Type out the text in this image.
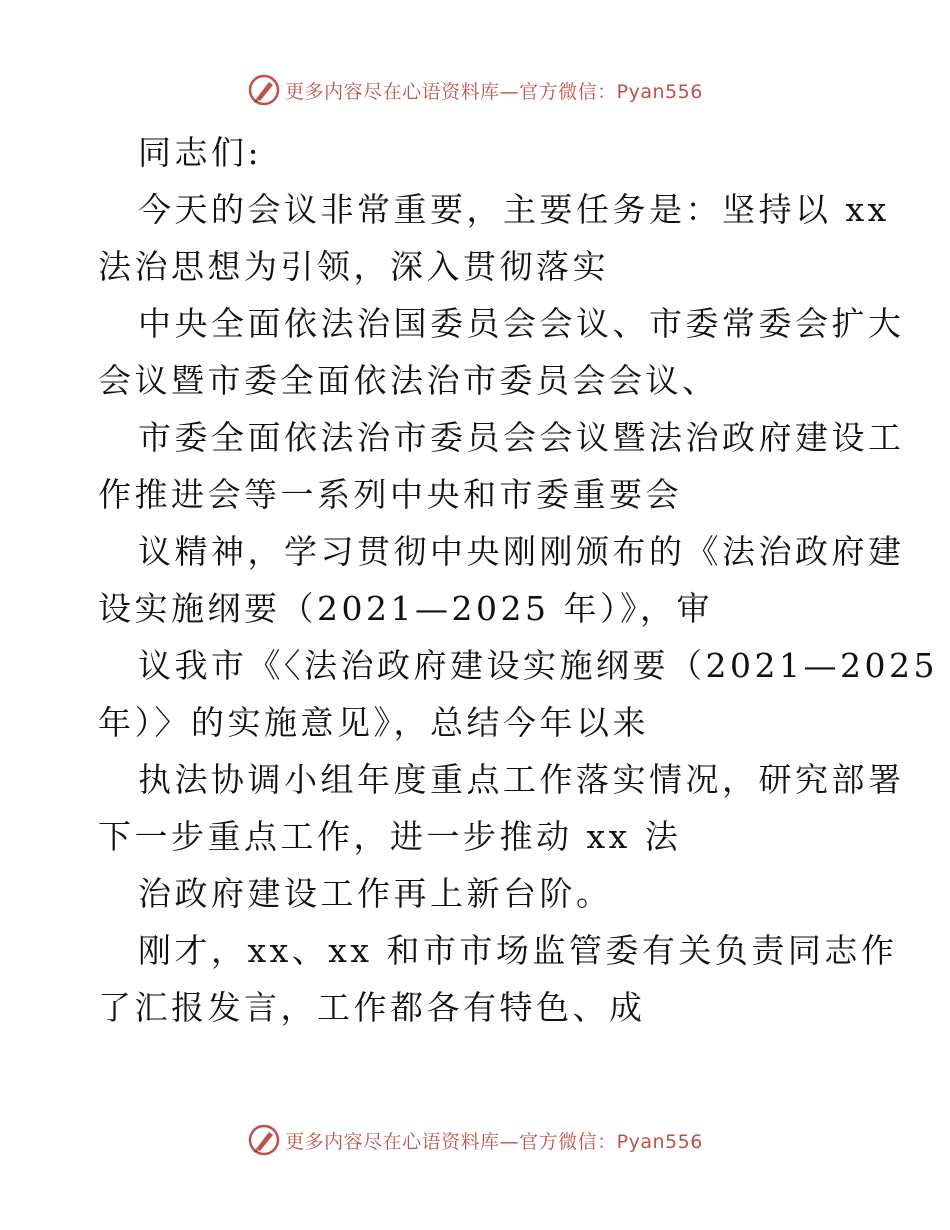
更多内容尽在心语资料库—官方微信：Pyan556

同志们:

今天的会议非常重要，主要任务是：坚持以 xx

法治思想为引领，深入贯彻落实

中央全面依法治国委员会会议、市委常委会扩大

会议暨市委全面依法治市委员会会议、

市委全面依法治市委员会会议暨法治政府建设工

作推进会等一系列中央和市委重要会

议精神，学习贯彻中央刚刚颁布的《法治政府建

设实施纲要（2021—2025 年）》，审

议我市《〈法治政府建设实施纲要（2021—2025

年）〉的实施意见》，总结今年以来

执法协调小组年度重点工作落实情况，研究部署

下一步重点工作，进一步推动 xx 法

治政府建设工作再上新台阶。

刚才，xx、xx 和市市场监管委有关负责同志作

了汇报发言，工作都各有特色、成

更多内容尽在心语资料库—官方微信：Pyan556
